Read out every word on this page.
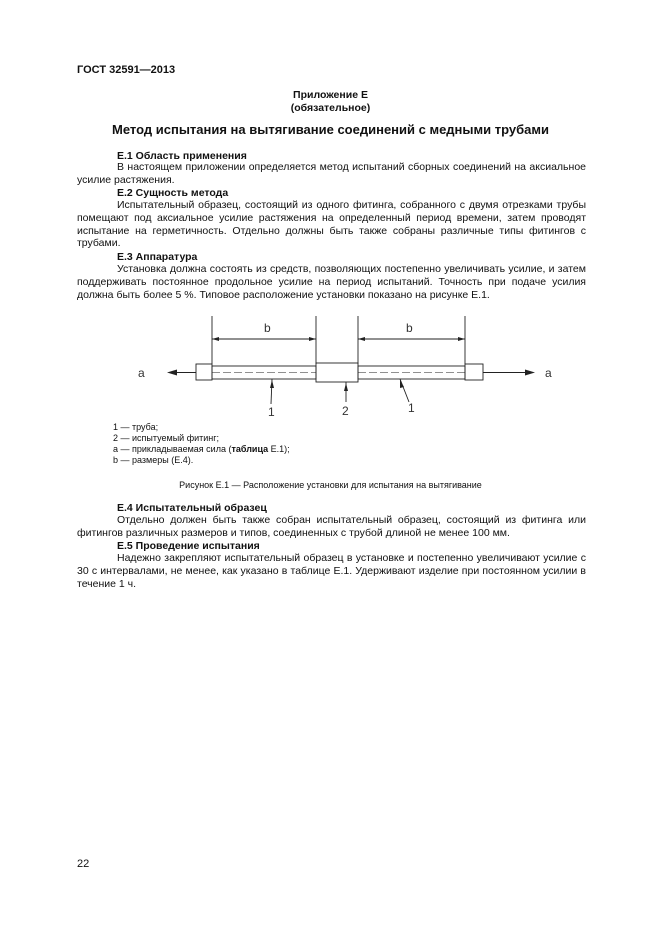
ГОСТ 32591—2013
Приложение Е
(обязательное)
Метод испытания на вытягивание соединений с медными трубами
Е.1 Область применения

В настоящем приложении определяется метод испытаний сборных соединений на аксиальное усилие растяжения.

Е.2 Сущность метода

Испытательный образец, состоящий из одного фитинга, собранного с двумя отрезками трубы помещают под аксиальное усилие растяжения на определенный период времени, затем проводят испытание на герметичность. Отдельно должны быть также собраны различные типы фитингов с трубами.

Е.3 Аппаратура

Установка должна состоять из средств, позволяющих постепенно увеличивать усилие, и затем поддерживать постоянное продольное усилие на период испытаний. Точность при подаче усилия должна быть более 5 %. Типовое расположение установки показано на рисунке Е.1.

b	b
a	a
1	2	1
1 — труба;
2 — испытуемый фитинг;
а — прикладываемая сила (таблица Е.1);
b — размеры (Е.4).
Рисунок Е.1 — Расположение установки для испытания на вытягивание
Е.4 Испытательный образец

Отдельно должен быть также собран испытательный образец, состоящий из фитинга или фитингов различных размеров и типов, соединенных с трубой длиной не менее 100 мм.

Е.5 Проведение испытания

Надежно закрепляют испытательный образец в установке и постепенно увеличивают усилие с 30 с интервалами, не менее, как указано в таблице Е.1. Удерживают изделие при постоянном усилии в течение 1 ч.

22
